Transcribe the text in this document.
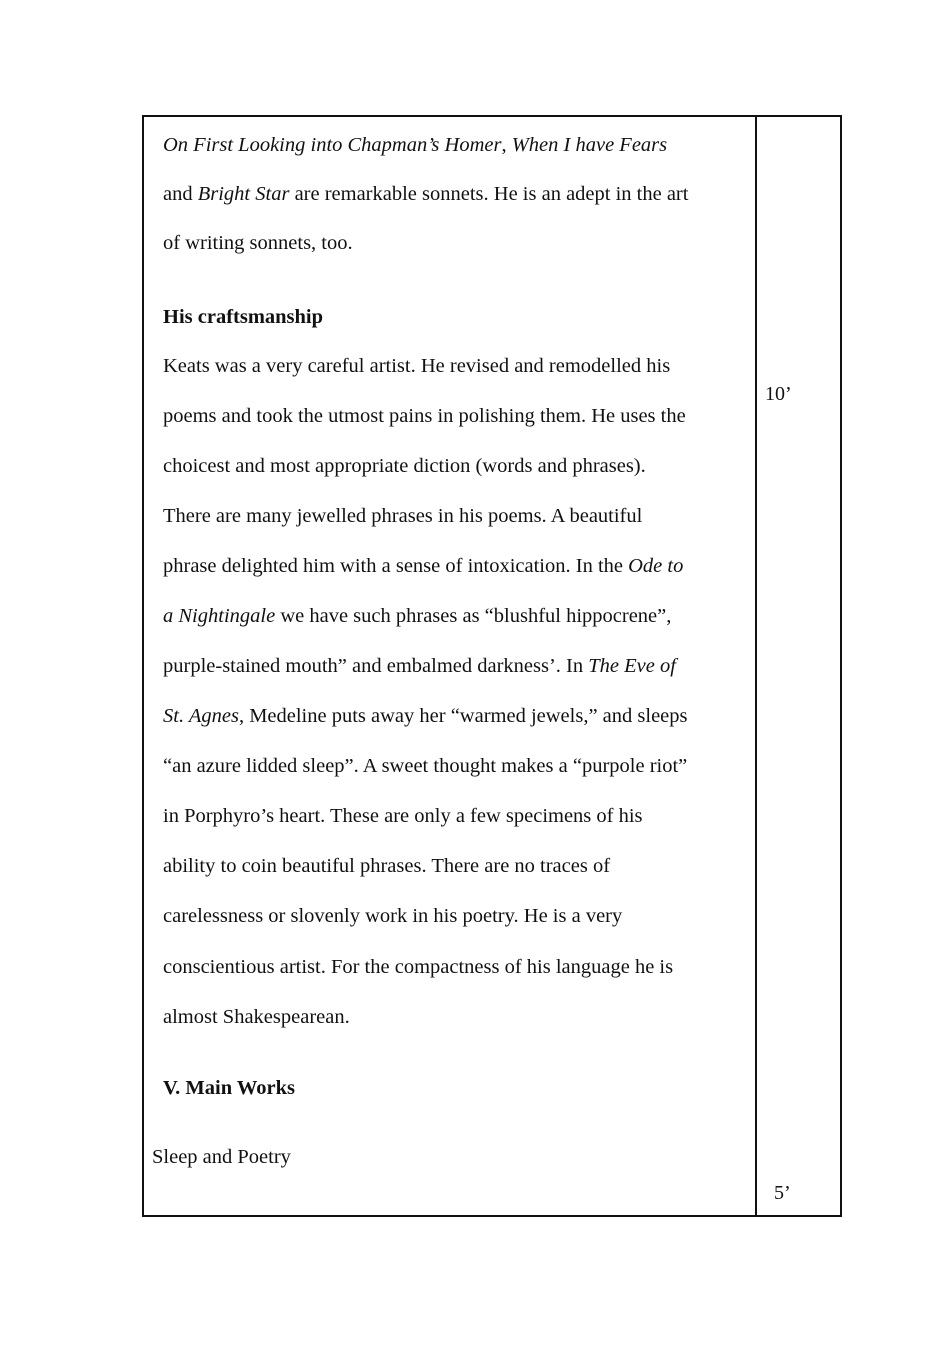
On First Looking into Chapman’s Homer, When I have Fears
and Bright Star are remarkable sonnets. He is an adept in the art
of writing sonnets, too.
His craftsmanship
Keats was a very careful artist. He revised and remodelled his
poems and took the utmost pains in polishing them. He uses the
choicest and most appropriate diction (words and phrases).
There are many jewelled phrases in his poems. A beautiful
phrase delighted him with a sense of intoxication. In the Ode to
a Nightingale we have such phrases as “blushful hippocrene”,
purple-stained mouth” and embalmed darkness’. In The Eve of
St. Agnes, Medeline puts away her “warmed jewels,” and sleeps
“an azure lidded sleep”. A sweet thought makes a “purpole riot”
in Porphyro’s heart. These are only a few specimens of his
ability to coin beautiful phrases. There are no traces of
carelessness or slovenly work in his poetry. He is a very
conscientious artist. For the compactness of his language he is
almost Shakespearean.
V. Main Works
Sleep and Poetry
10’
5’
